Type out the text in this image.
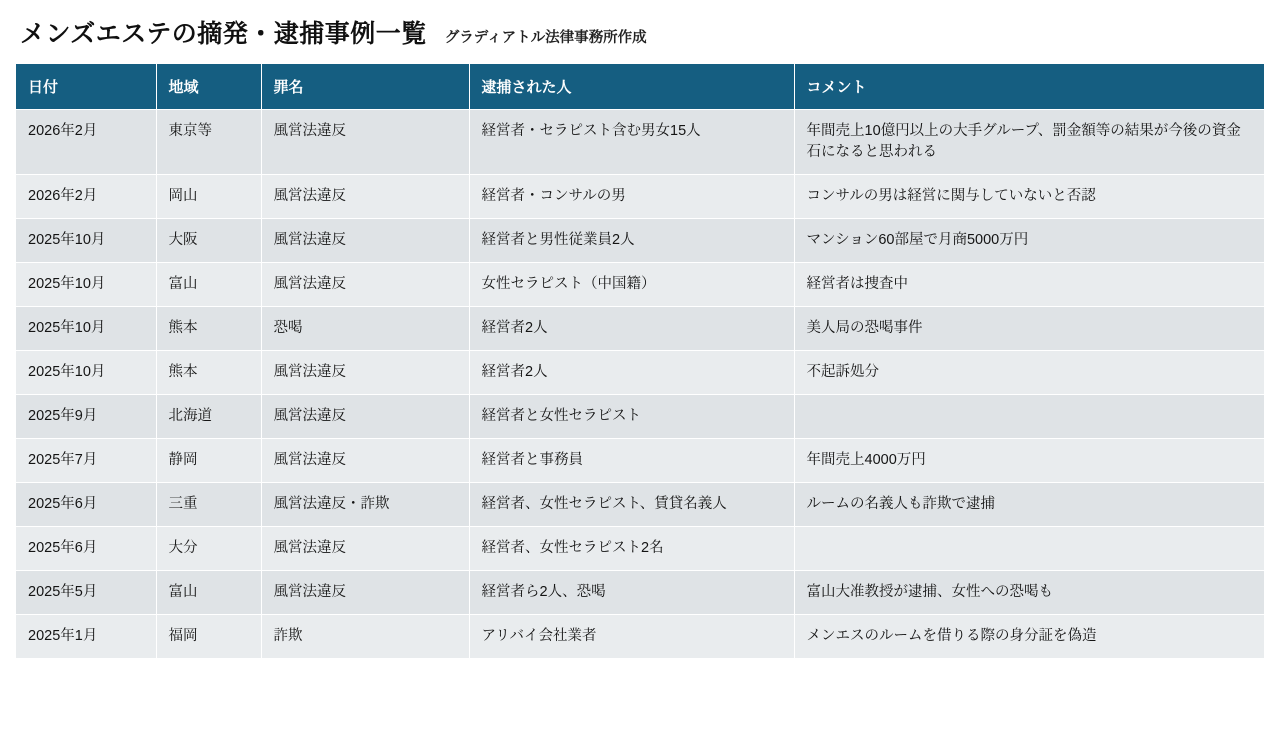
メンズエステの摘発・逮捕事例一覧 グラディアトル法律事務所作成
日付	地域	罪名	逮捕された人	コメント
2026年2月	東京等	風営法違反	経営者・セラピスト含む男女15人	年間売上10億円以上の大手グループ、罰金額等の結果が今後の資金石になると思われる
2026年2月	岡山	風営法違反	経営者・コンサルの男	コンサルの男は経営に関与していないと否認
2025年10月	大阪	風営法違反	経営者と男性従業員2人	マンション60部屋で月商5000万円
2025年10月	富山	風営法違反	女性セラピスト（中国籍）	経営者は捜査中
2025年10月	熊本	恐喝	経営者2人	美人局の恐喝事件
2025年10月	熊本	風営法違反	経営者2人	不起訴処分
2025年9月	北海道	風営法違反	経営者と女性セラピスト	
2025年7月	静岡	風営法違反	経営者と事務員	年間売上4000万円
2025年6月	三重	風営法違反・詐欺	経営者、女性セラピスト、賃貸名義人	ルームの名義人も詐欺で逮捕
2025年6月	大分	風営法違反	経営者、女性セラピスト2名	
2025年5月	富山	風営法違反	経営者ら2人、恐喝	富山大准教授が逮捕、女性への恐喝も
2025年1月	福岡	詐欺	アリバイ会社業者	メンエスのルームを借りる際の身分証を偽造
